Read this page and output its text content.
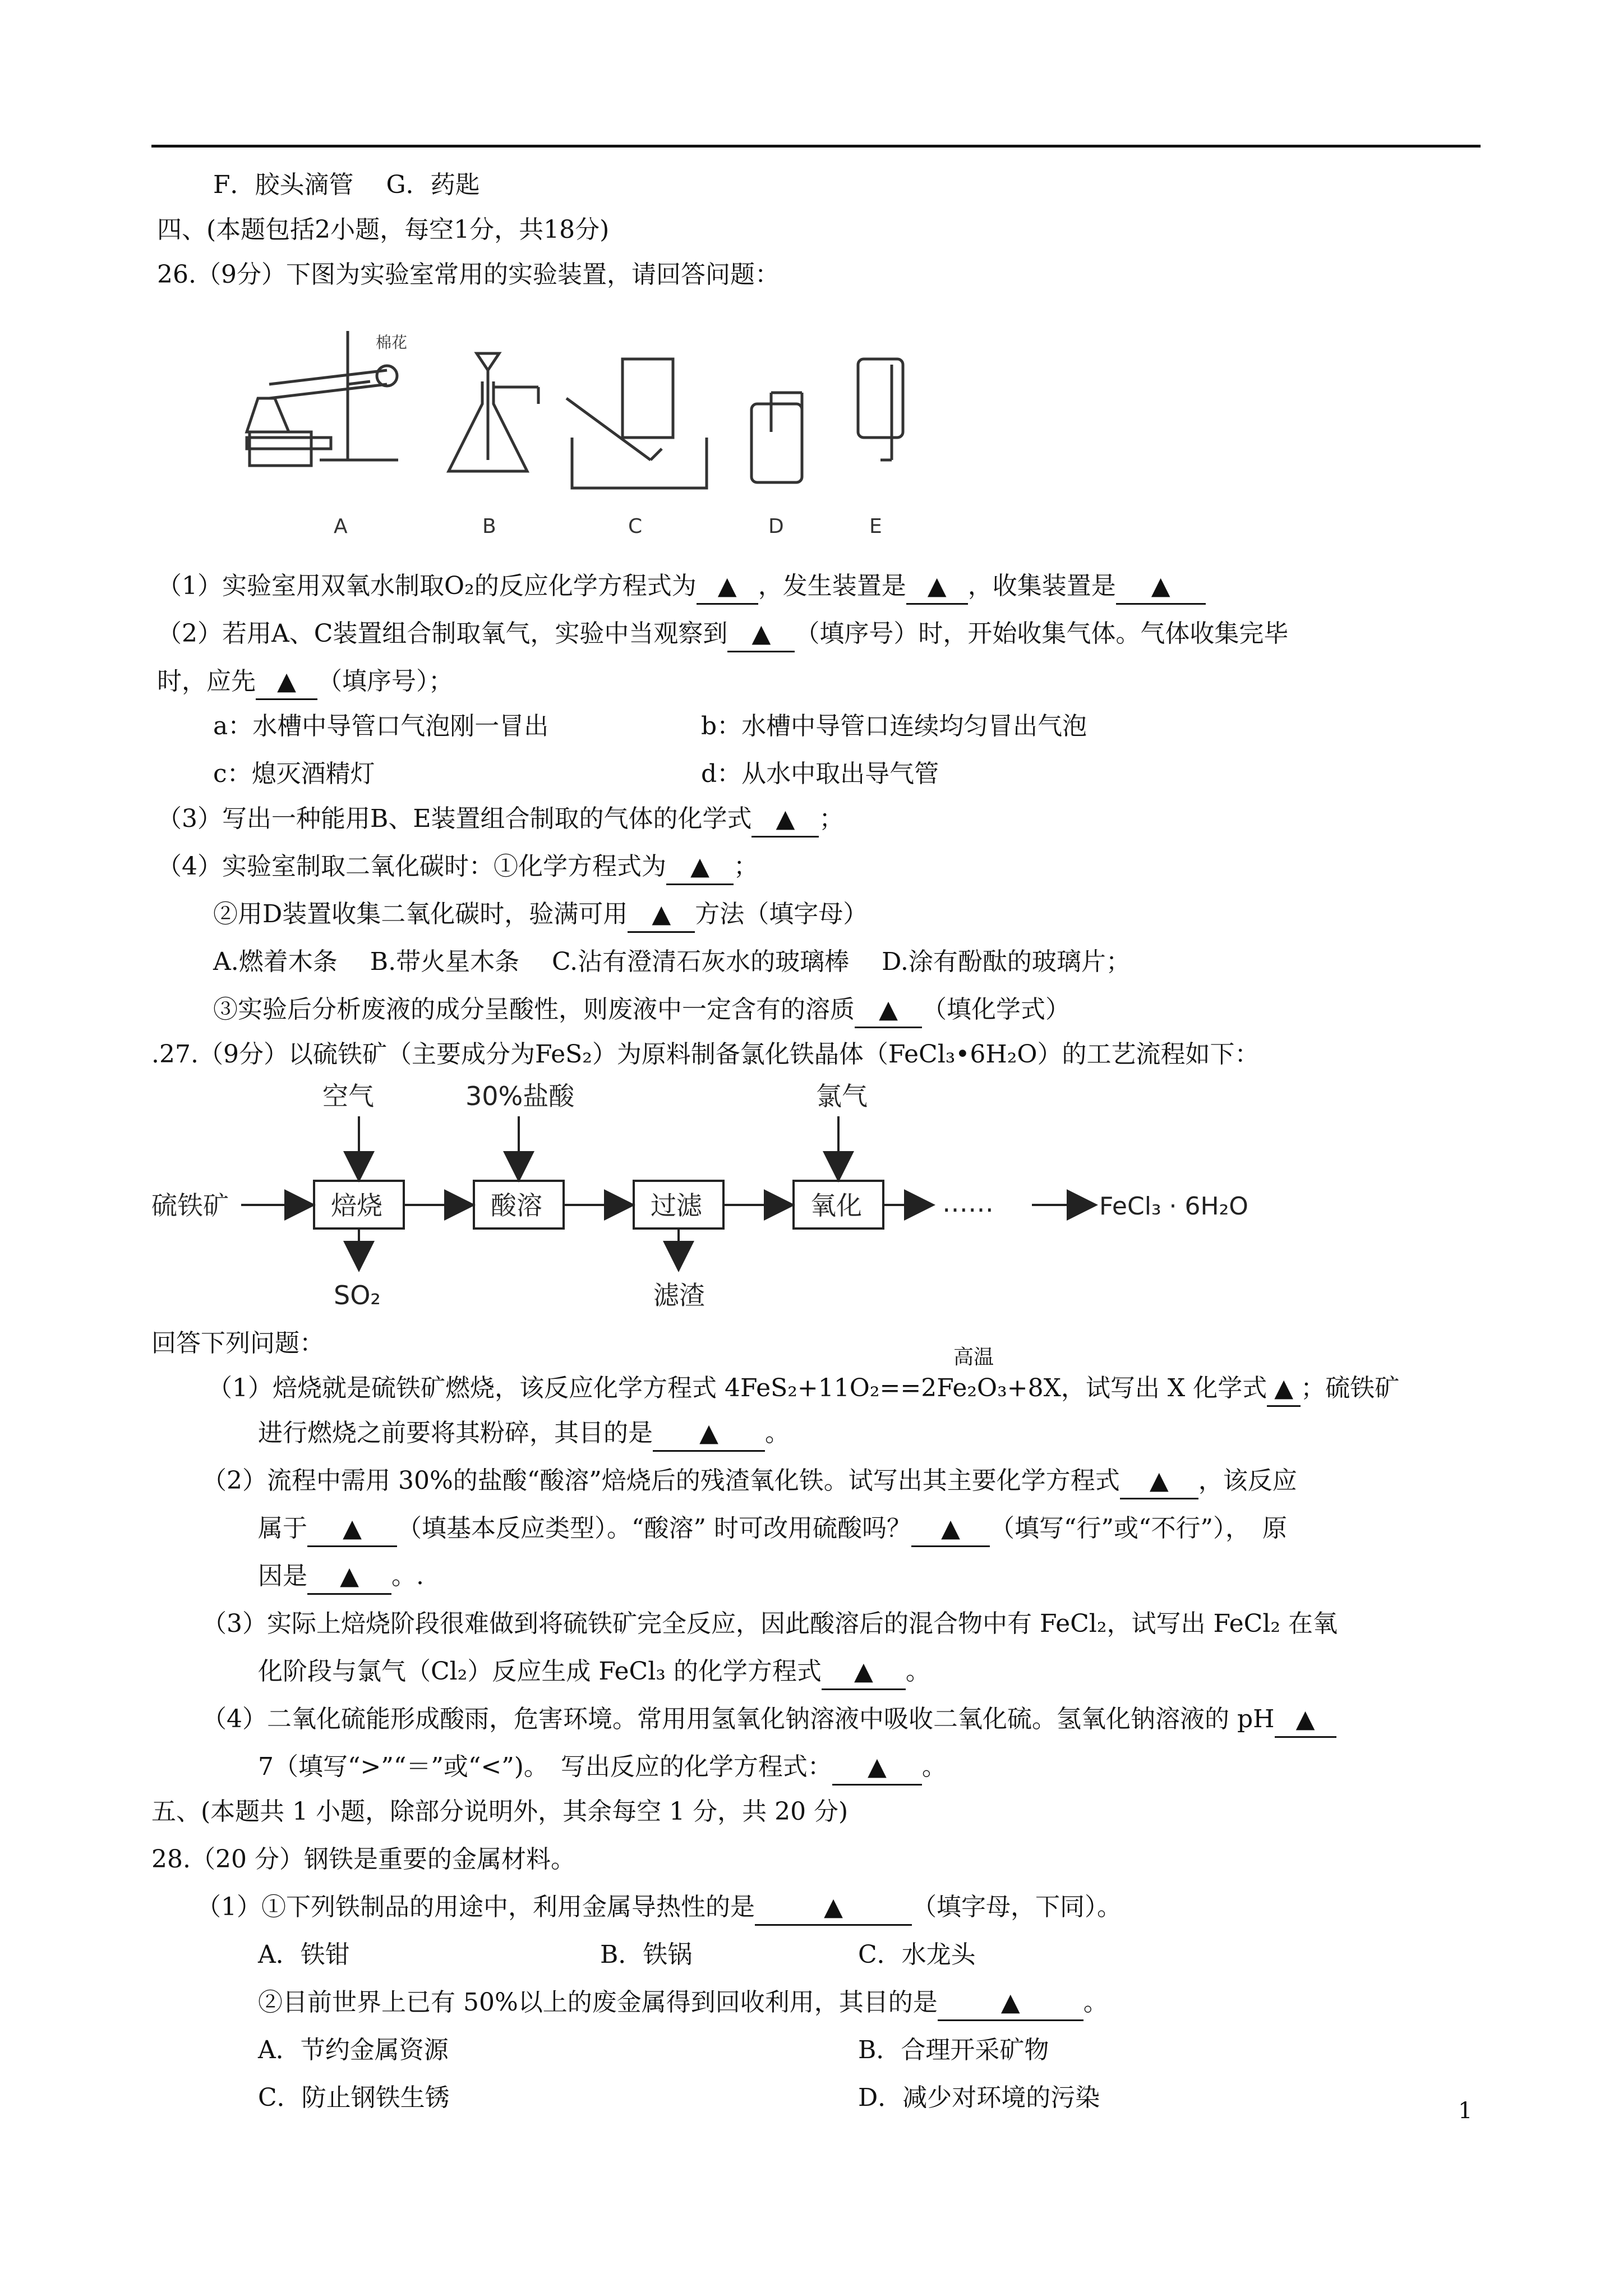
F．胶头滴管　 G．药匙
四、(本题包括2小题，每空1分，共18分)
26.（9分）下图为实验室常用的实验装置，请回答问题：
棉花
A	B	C	D	E
（1）实验室用双氧水制取O₂的反应化学方程式为 ▲ ，发生装置是 ▲ ，收集装置是 ▲
（2）若用A、C装置组合制取氧气，实验中当观察到 ▲ （填序号）时，开始收集气体。气体收集完毕
时，应先 ▲ （填序号）；
a：水槽中导管口气泡刚一冒出	b：水槽中导管口连续均匀冒出气泡
c：熄灭酒精灯	d：从水中取出导气管
（3）写出一种能用B、E装置组合制取的气体的化学式 ▲ ；
（4）实验室制取二氧化碳时：①化学方程式为 ▲ ；
②用D装置收集二氧化碳时，验满可用 ▲ 方法（填字母）
A.燃着木条　 B.带火星木条　 C.沾有澄清石灰水的玻璃棒　 D.涂有酚酞的玻璃片；
③实验后分析废液的成分呈酸性，则废液中一定含有的溶质 ▲ （填化学式）
.27.（9分）以硫铁矿（主要成分为FeS₂）为原料制备氯化铁晶体（FeCl₃•6H₂O）的工艺流程如下：
硫铁矿	焙烧
空气
SO₂
酸溶
30%盐酸
过滤
滤渣
氧化
氯气
……	FeCl₃ · 6H₂O
回答下列问题：	高温
（1）焙烧就是硫铁矿燃烧，该反应化学方程式 4FeS₂+11O₂==2Fe₂O₃+8X，试写出 X 化学式 ▲ ；硫铁矿
进行燃烧之前要将其粉碎，其目的是 ▲ 。
（2）流程中需用 30%的盐酸“酸溶”焙烧后的残渣氧化铁。试写出其主要化学方程式 ▲ ，该反应
属于 ▲ （填基本反应类型）。“酸溶” 时可改用硫酸吗？ ▲ （填写“行”或“不行”），　原
因是 ▲ 。.
（3）实际上焙烧阶段很难做到将硫铁矿完全反应，因此酸溶后的混合物中有 FeCl₂，试写出 FeCl₂ 在氧
化阶段与氯气（Cl₂）反应生成 FeCl₃ 的化学方程式 ▲ 。
（4）二氧化硫能形成酸雨，危害环境。常用用氢氧化钠溶液中吸收二氧化硫。氢氧化钠溶液的 pH ▲
7（填写“>”“＝”或“<”)。　写出反应的化学方程式： ▲ 。
五、(本题共 1 小题，除部分说明外，其余每空 1 分，共 20 分)
28.（20 分）钢铁是重要的金属材料。
（1）①下列铁制品的用途中，利用金属导热性的是	▲	（填字母，下同）。
A．铁钳	B．铁锅	C．水龙头
②目前世界上已有 50%以上的废金属得到回收利用，其目的是	▲	。
A．节约金属资源	B．合理开采矿物
C．防止钢铁生锈	D．减少对环境的污染	1
